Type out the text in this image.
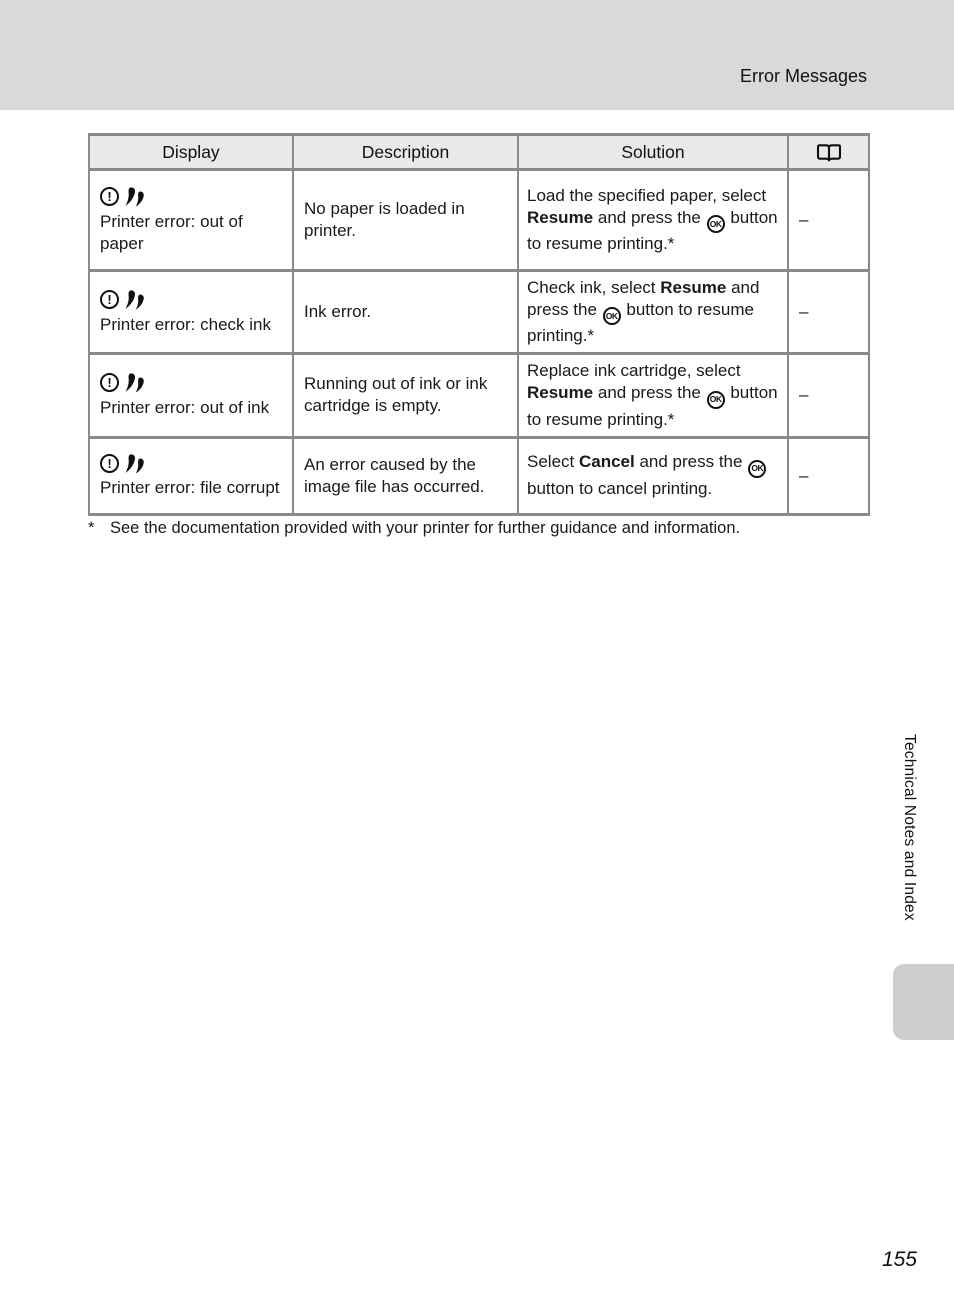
Error Messages
Display	Description	Solution	

!
Printer error: out of paper	No paper is loaded in printer.	Load the specified paper, select Resume and press the OK button to resume printing.*	–

!
Printer error: check ink	Ink error.	Check ink, select Resume and press the OK button to resume printing.*	–

!
Printer error: out of ink	Running out of ink or ink cartridge is empty.	Replace ink cartridge, select Resume and press the OK button to resume printing.*	–

!
Printer error: file corrupt	An error caused by the image file has occurred.	Select Cancel and press the OK button to cancel printing.	–
* See the documentation provided with your printer for further guidance and information.
Technical Notes and Index
155
